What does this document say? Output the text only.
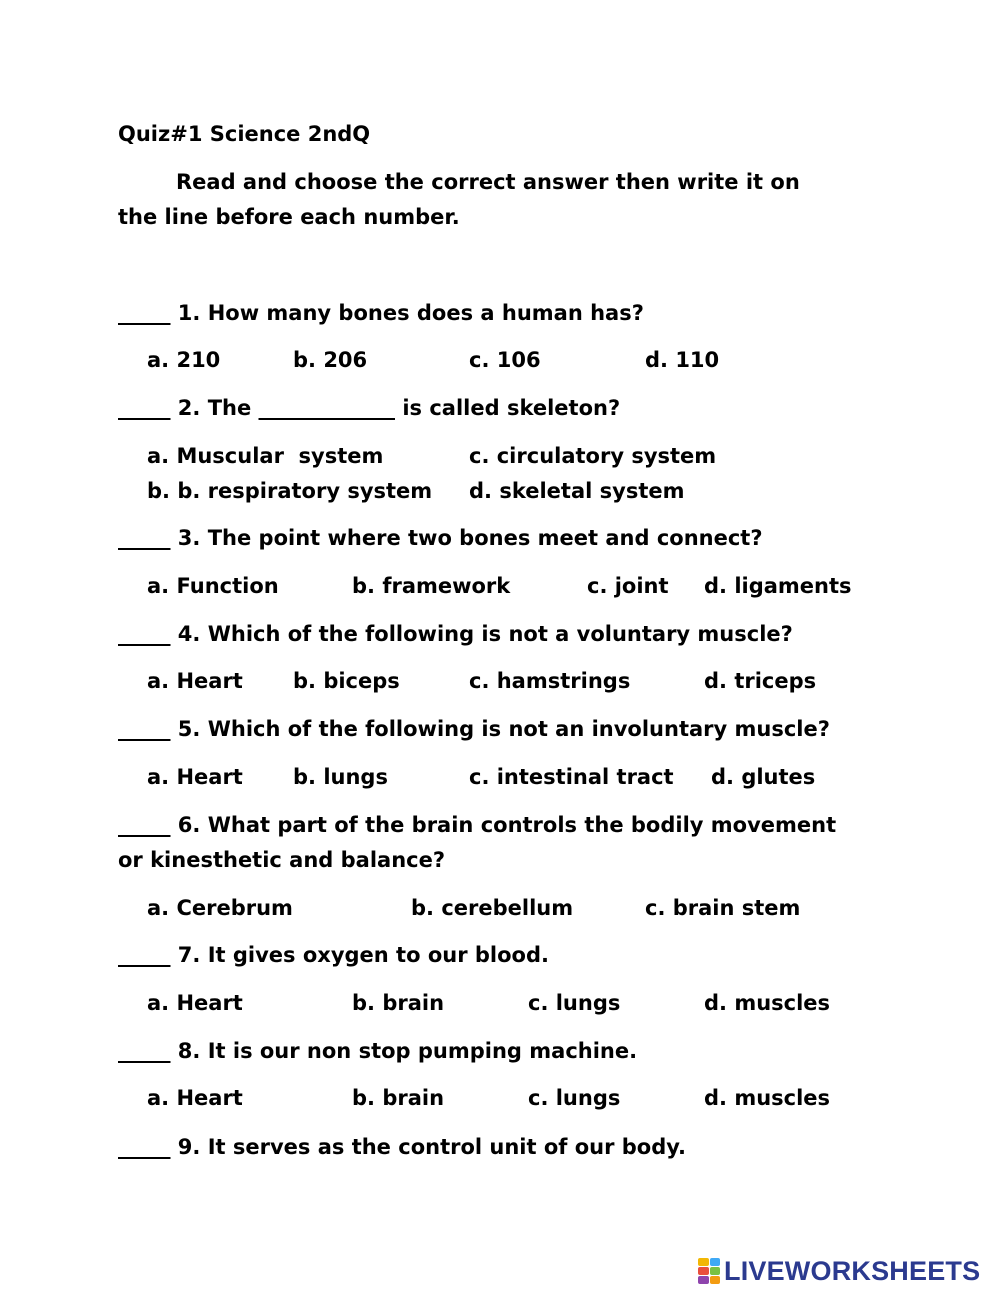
Quiz#1 Science 2ndQ
Read and choose the correct answer then write it on
the line before each number.
_____ 1. How many bones does a human has?
a. 210	b. 206	c. 106	d. 110
_____ 2. The _____________ is called skeleton?
a. Muscular  system	c. circulatory system
b. b. respiratory system d. skeletal system
_____ 3. The point where two bones meet and connect?
a. Function	b. framework	c. joint d. ligaments
_____ 4. Which of the following is not a voluntary muscle?
a. Heart b. biceps	c. hamstrings	d. triceps
_____ 5. Which of the following is not an involuntary muscle?
a. Heart b. lungs	c. intestinal tract d. glutes
_____ 6. What part of the brain controls the bodily movement
or kinesthetic and balance?
a. Cerebrum	b. cerebellum	c. brain stem
_____ 7. It gives oxygen to our blood.
a. Heart	b. brain	c. lungs	d. muscles
_____ 8. It is our non stop pumping machine.
a. Heart	b. brain	c. lungs	d. muscles
_____ 9. It serves as the control unit of our body.
LIVEWORKSHEETS
